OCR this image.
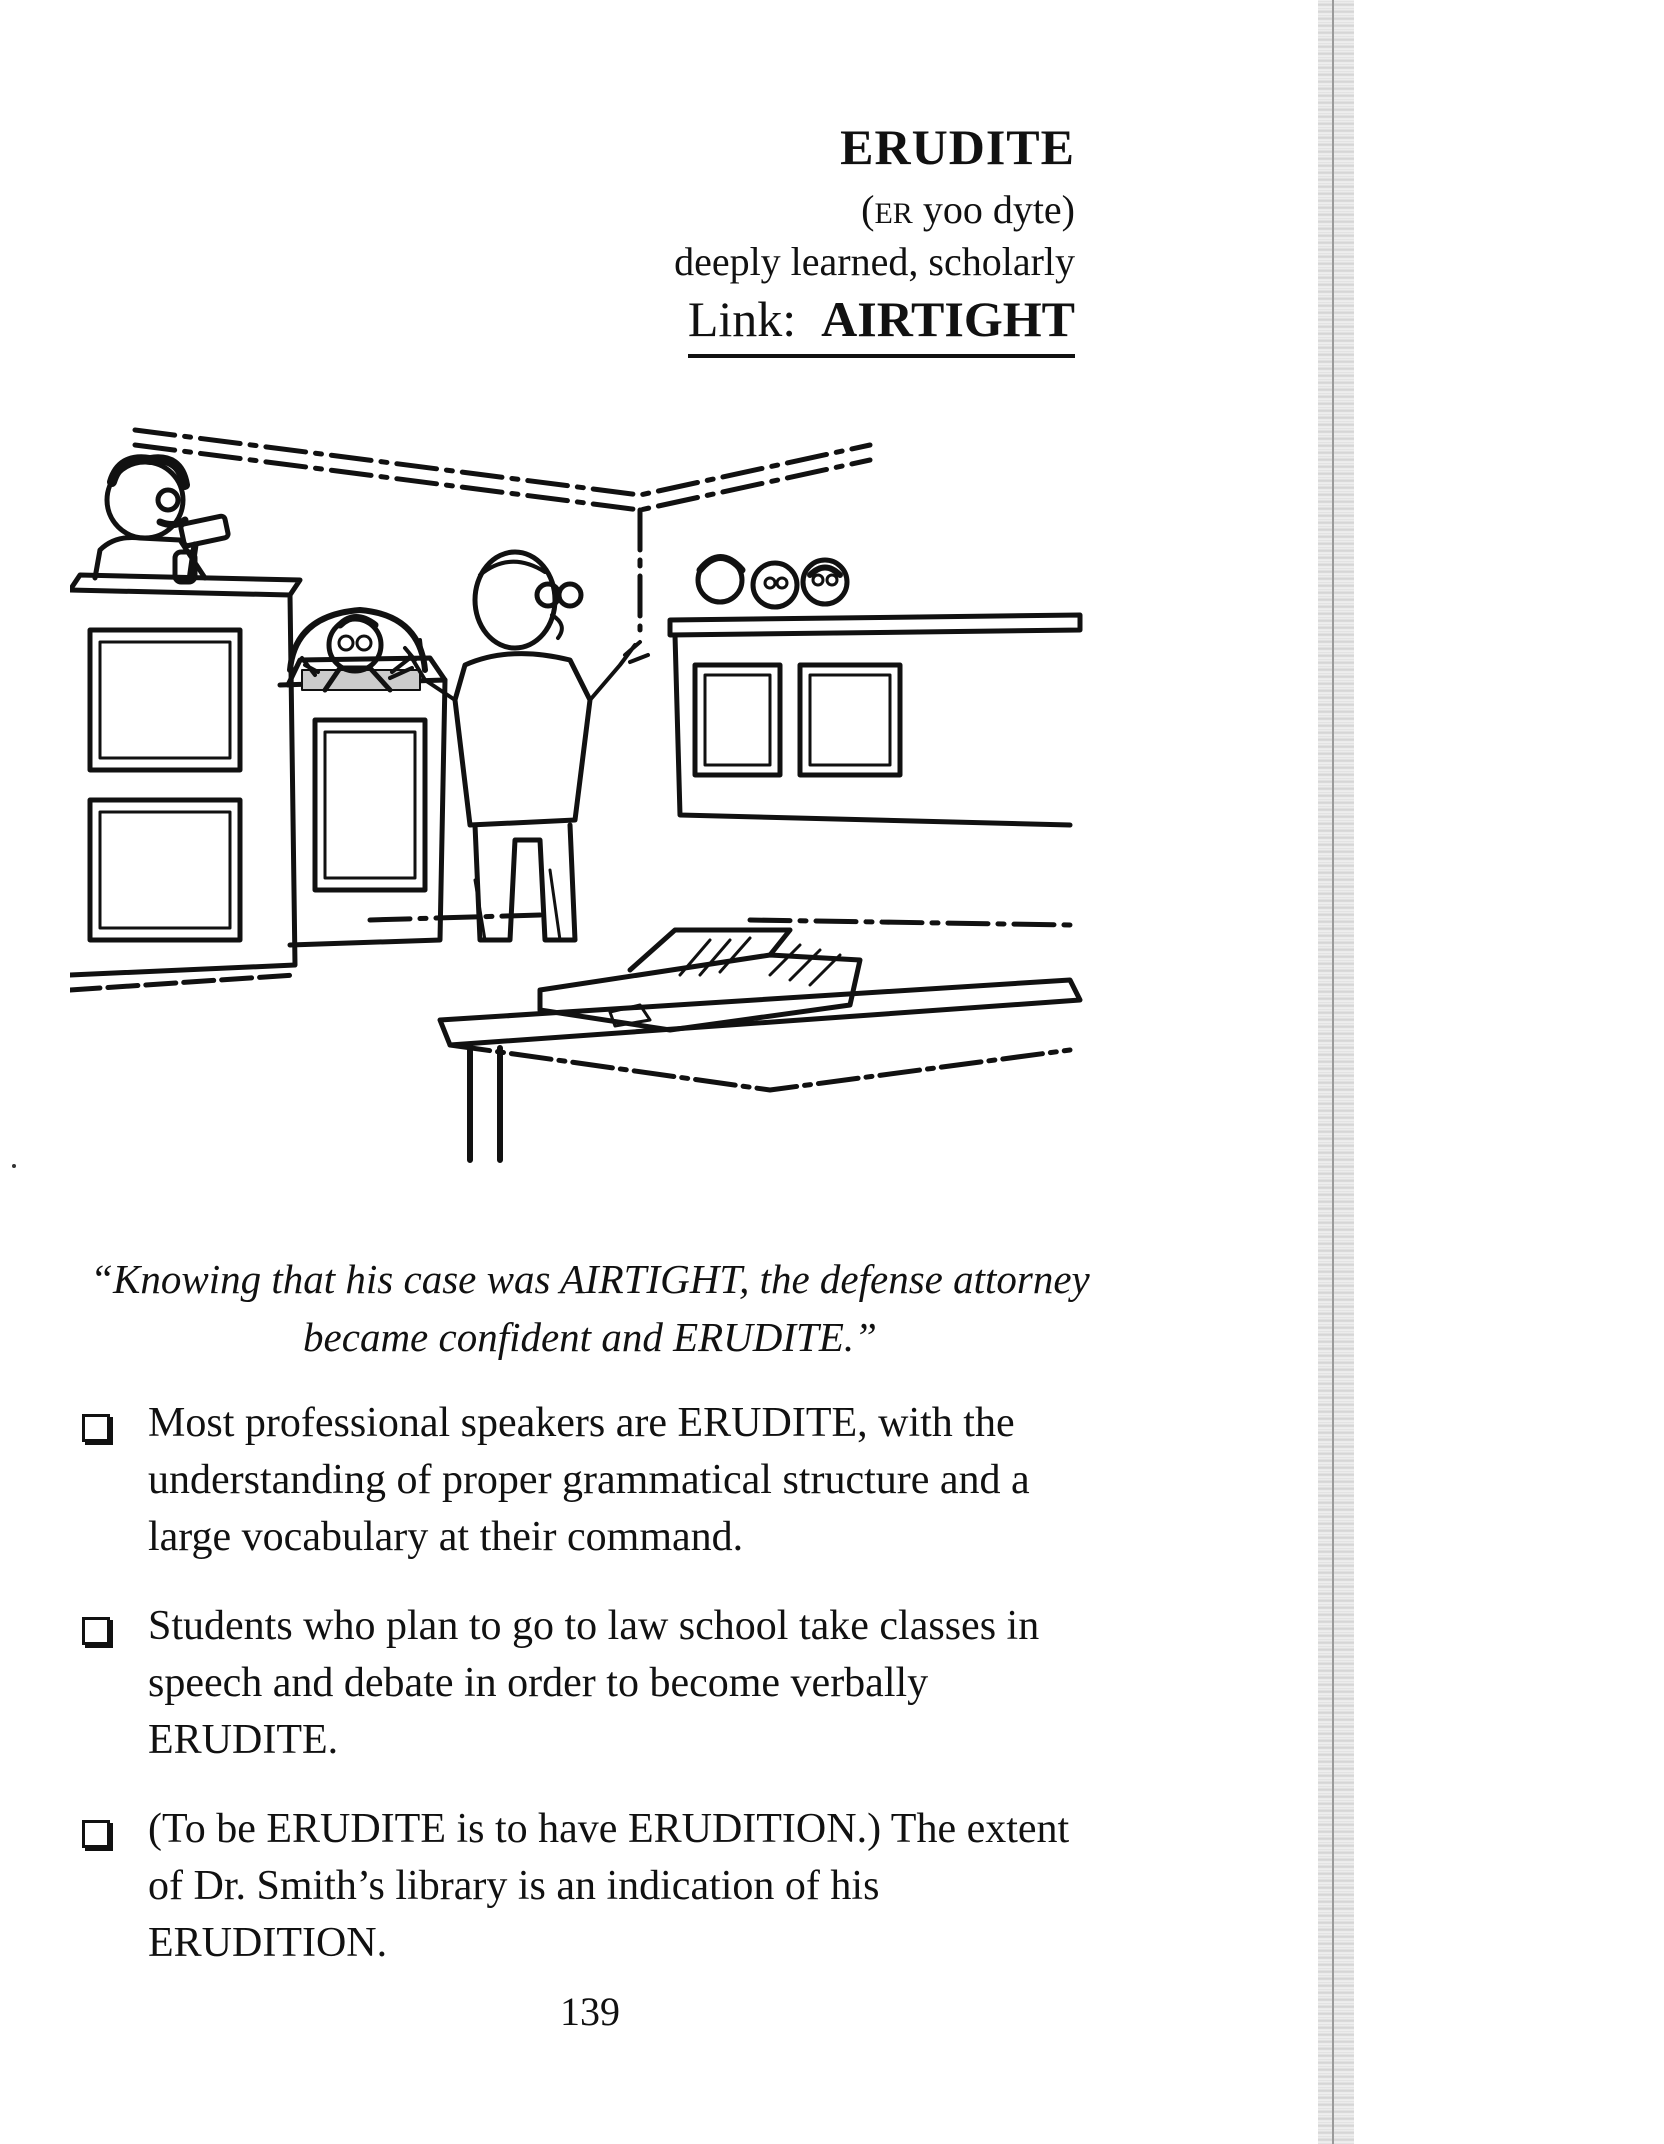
ERUDITE
(ER yoo dyte)
deeply learned, scholarly
Link: AIRTIGHT
“Knowing that his case was AIRTIGHT, the defense attorney became confident and ERUDITE.”
Most professional speakers are ERUDITE, with the understanding of proper grammatical structure and a large vocabulary at their command.
Students who plan to go to law school take classes in speech and debate in order to become verbally ERUDITE.
(To be ERUDITE is to have ERUDITION.) The extent of Dr. Smith’s library is an indication of his ERUDITION.
139
